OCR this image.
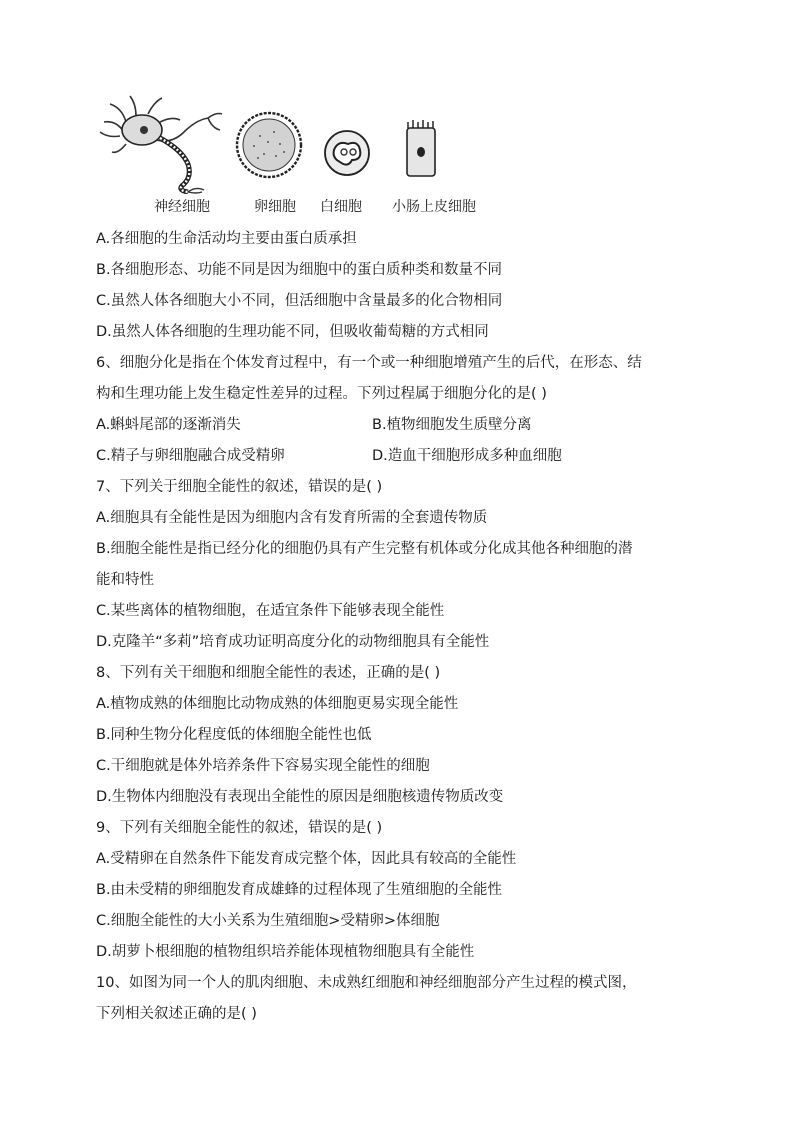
神经细胞	卵细胞 白细胞 小肠上皮细胞
A.各细胞的生命活动均主要由蛋白质承担
B.各细胞形态、功能不同是因为细胞中的蛋白质种类和数量不同
C.虽然人体各细胞大小不同，但活细胞中含量最多的化合物相同
D.虽然人体各细胞的生理功能不同，但吸收葡萄糖的方式相同
6、细胞分化是指在个体发育过程中，有一个或一种细胞增殖产生的后代，在形态、结
构和生理功能上发生稳定性差异的过程。下列过程属于细胞分化的是( )
A.蝌蚪尾部的逐渐消失	B.植物细胞发生质壁分离
C.精子与卵细胞融合成受精卵	D.造血干细胞形成多种血细胞
7、下列关于细胞全能性的叙述，错误的是( )
A.细胞具有全能性是因为细胞内含有发育所需的全套遗传物质
B.细胞全能性是指已经分化的细胞仍具有产生完整有机体或分化成其他各种细胞的潜
能和特性
C.某些离体的植物细胞，在适宜条件下能够表现全能性
D.克隆羊“多莉”培育成功证明高度分化的动物细胞具有全能性
8、下列有关干细胞和细胞全能性的表述，正确的是( )
A.植物成熟的体细胞比动物成熟的体细胞更易实现全能性
B.同种生物分化程度低的体细胞全能性也低
C.干细胞就是体外培养条件下容易实现全能性的细胞
D.生物体内细胞没有表现出全能性的原因是细胞核遗传物质改变
9、下列有关细胞全能性的叙述，错误的是( )
A.受精卵在自然条件下能发育成完整个体，因此具有较高的全能性
B.由未受精的卵细胞发育成雄蜂的过程体现了生殖细胞的全能性
C.细胞全能性的大小关系为生殖细胞>受精卵>体细胞
D.胡萝卜根细胞的植物组织培养能体现植物细胞具有全能性
10、如图为同一个人的肌肉细胞、未成熟红细胞和神经细胞部分产生过程的模式图，
下列相关叙述正确的是( )
